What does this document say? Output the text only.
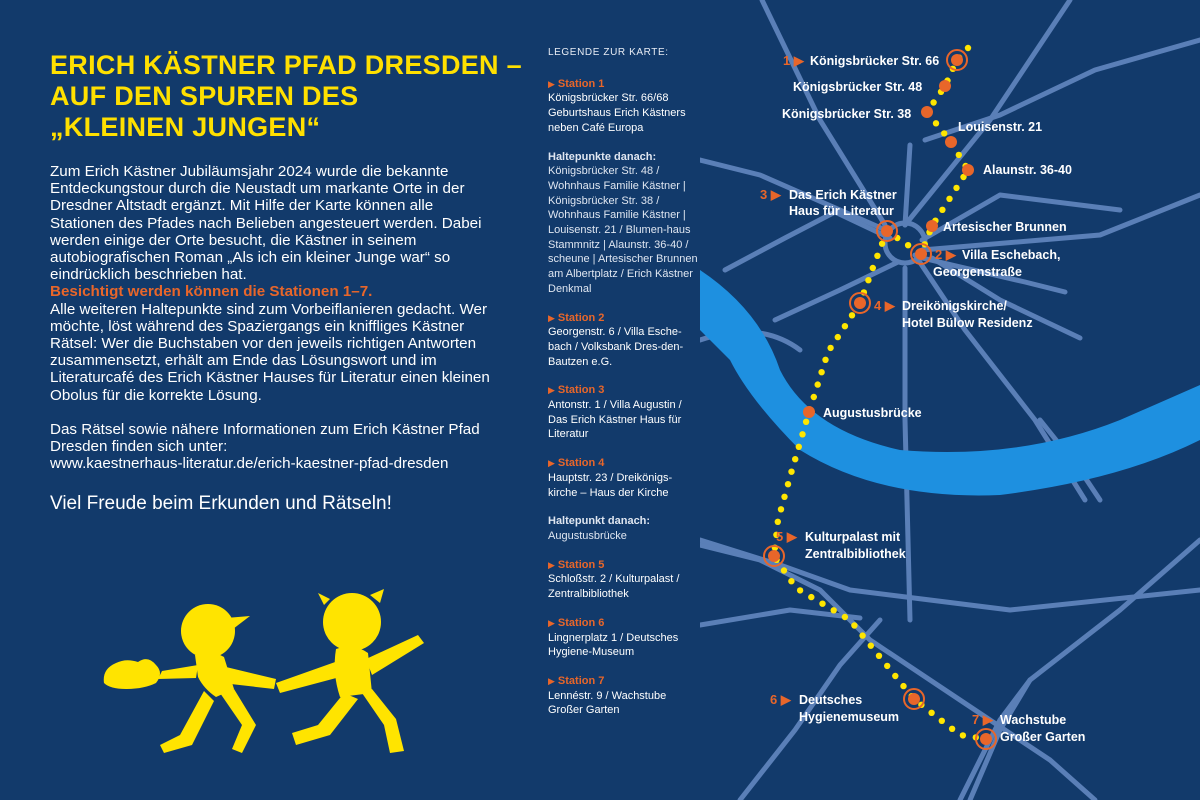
ERICH KÄSTNER PFAD DRESDEN –
AUF DEN SPUREN DES
„KLEINEN JUNGEN“

Zum Erich Kästner Jubiläumsjahr 2024 wurde die bekannte Entdeckungstour durch die Neustadt um markante Orte in der Dresdner Altstadt ergänzt. Mit Hilfe der Karte können alle Stationen des Pfades nach Belieben angesteuert werden. Dabei werden einige der Orte besucht, die Kästner in seinem autobiografischen Roman „Als ich ein kleiner Junge war“ so eindrücklich beschrieben hat.

Besichtigt werden können die Stationen 1–7.

Alle weiteren Haltepunkte sind zum Vorbeiflanieren gedacht. Wer möchte, löst während des Spaziergangs ein kniffliges Kästner Rätsel: Wer die Buchstaben vor den jeweils richtigen Antworten zusammensetzt, erhält am Ende das Lösungswort und im Literaturcafé des Erich Kästner Hauses für Literatur einen kleinen Obolus für die korrekte Lösung.

Das Rätsel sowie nähere Informationen zum Erich Kästner Pfad Dresden finden sich unter:

www.kaestnerhaus-literatur.de/erich-kaestner-pfad-dresden

Viel Freude beim Erkunden und Rätseln!
LEGENDE ZUR KARTE:
▶ Station 1
Königsbrücker Str. 66/68 Geburtshaus Erich Kästners neben Café Europa
Haltepunkte danach:
Königsbrücker Str. 48 / Wohnhaus Familie Kästner | Königsbrücker Str. 38 / Wohnhaus Familie Kästner | Louisenstr. 21 / Blumen-haus Stammnitz | Alaunstr. 36-40 / scheune | Artesischer Brunnen am Albertplatz / Erich Kästner Denkmal
▶ Station 2
Georgenstr. 6 / Villa Esche-bach / Volksbank Dres-den-Bautzen e.G.
▶ Station 3
Antonstr. 1 / Villa Augustin / Das Erich Kästner Haus für Literatur
▶ Station 4
Hauptstr. 23 / Dreikönigs-kirche – Haus der Kirche
Haltepunkt danach:
Augustusbrücke
▶ Station 5
Schloßstr. 2 / Kulturpalast / Zentralbibliothek
▶ Station 6
Lingnerplatz 1 / Deutsches Hygiene-Museum
▶ Station 7
Lennéstr. 9 / Wachstube Großer Garten
1 ▶ Königsbrücker Str. 66
3 ▶ Das Erich Kästner
Haus für Literatur
2 ▶ Villa Eschebach,
Georgenstraße
4 ▶ Dreikönigskirche/
Hotel Bülow Residenz
5 ▶ Kulturpalast mit
Zentralbibliothek
6 ▶ Deutsches
Hygienemuseum	7 ▶ Wachstube
Großer Garten
Königsbrücker Str. 48
Königsbrücker Str. 38
Louisenstr. 21
Alaunstr. 36-40
Artesischer Brunnen
Augustusbrücke
